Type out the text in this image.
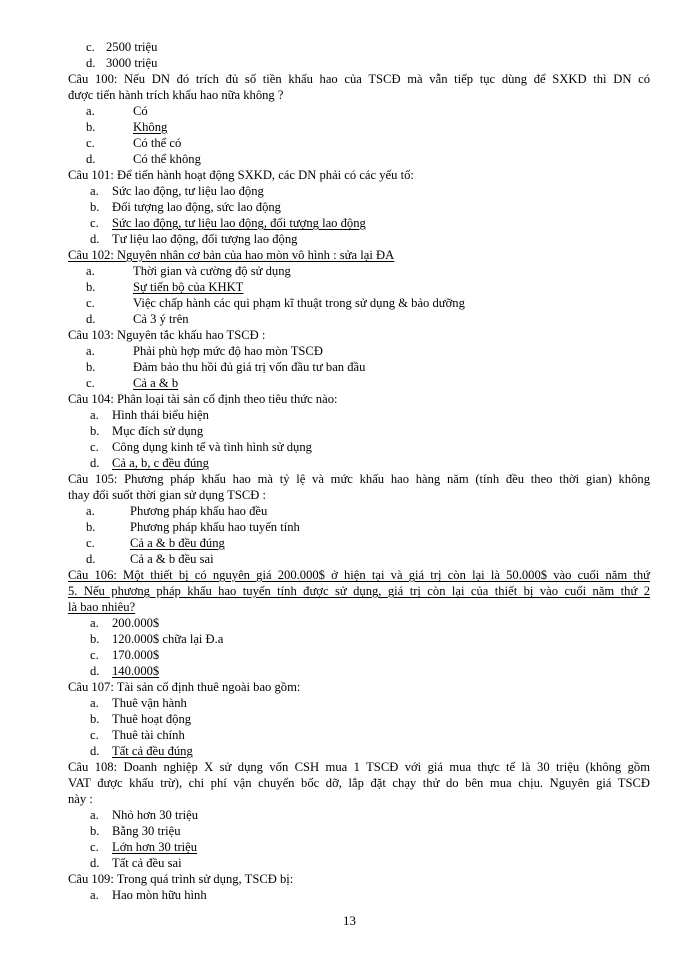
c. 2500 triệu
d. 3000 triệu
Câu 100: Nếu DN đó trích đủ số tiền khấu hao của TSCĐ mà vẫn tiếp tục dùng để SXKD thì DN có
được tiến hành trích khấu hao nữa không ?
a.	Có
b.	Không
c.	Có thể có
d.	Có thể không
Câu 101: Để tiến hành hoạt động SXKD, các DN phải có các yếu tố:
a. Sức lao động, tư liệu lao động
b. Đối tượng lao động, sức lao động
c. Sức lao động, tư liệu lao động, đối tượng lao động
d. Tư liệu lao động, đối tượng lao động
Câu 102: Nguyên nhân cơ bản của hao mòn vô hình : sửa lại ĐA
a.	Thời gian và cường độ sử dụng
b.	Sự tiến bộ của KHKT
c.	Việc chấp hành các qui phạm kĩ thuật trong sử dụng & bảo dưỡng
d.	Cả 3 ý trên
Câu 103: Nguyên tắc khấu hao TSCĐ :
a.	Phải phù hợp mức độ hao mòn TSCĐ
b.	Đảm bảo thu hồi đủ giá trị vốn đầu tư ban đầu
c.	Cả a & b
Câu 104: Phân loại tài sản cố định theo tiêu thức nào:
a. Hình thái biểu hiện
b. Mục đích sử dụng
c. Công dụng kinh tế và tình hình sử dụng
d. Cả a, b, c đều đúng
Câu 105: Phương pháp khấu hao mà tỷ lệ và mức khấu hao hàng năm (tính đều theo thời gian) không
thay đổi suốt thời gian sử dụng TSCĐ :
a.	Phương pháp khấu hao đều
b.	Phương pháp khấu hao tuyến tính
c.	Cả a & b đều đúng
d.	Cả a & b đều sai
Câu 106: Một thiết bị có nguyên giá 200.000$ ở hiện tại và giá trị còn lại là 50.000$ vào cuối năm thứ
5. Nếu phương pháp khấu hao tuyến tính được sử dụng, giá trị còn lại của thiết bị vào cuối năm thứ 2
là bao nhiêu?
a. 200.000$
b. 120.000$ chữa lại Đ.a
c. 170.000$
d. 140.000$
Câu 107: Tài sản cố định thuê ngoài bao gồm:
a. Thuê vận hành
b. Thuê hoạt động
c. Thuê tài chính
d. Tất cả đều đúng
Câu 108: Doanh nghiệp X sử dụng vốn CSH mua 1 TSCĐ với giá mua thực tế là 30 triệu (không gồm
VAT được khấu trừ), chi phí vận chuyển bốc dỡ, lắp đặt chạy thử do bên mua chịu. Nguyên giá TSCĐ
này :
a. Nhỏ hơn 30 triệu
b. Bằng 30 triệu
c. Lớn hơn 30 triệu
d. Tất cả đều sai
Câu 109: Trong quá trình sử dụng, TSCĐ bị:
a. Hao mòn hữu hình
13
